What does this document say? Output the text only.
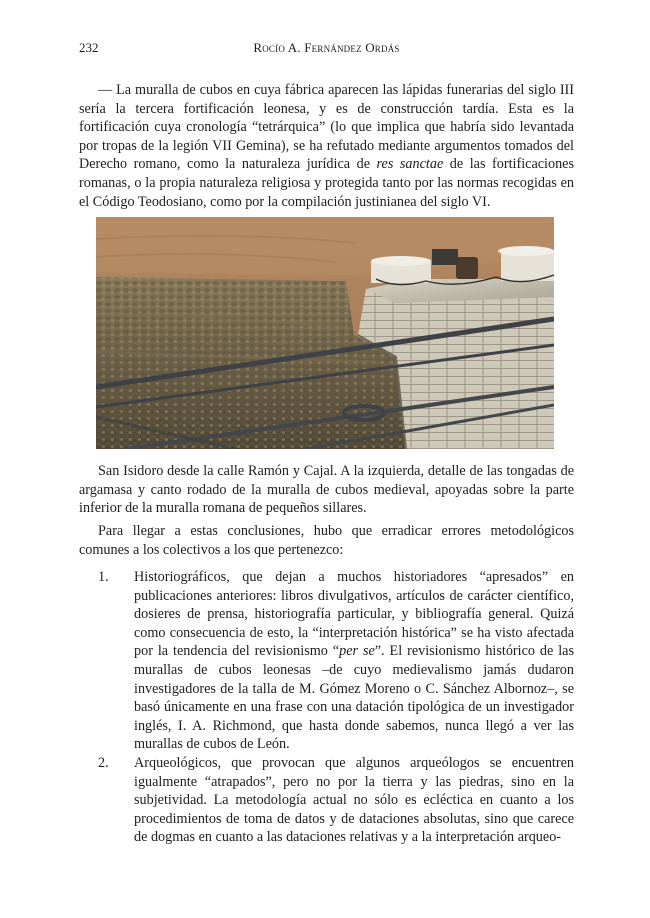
232	Rocío A. Fernández Ordás

— La muralla de cubos en cuya fábrica aparecen las lápidas funerarias del siglo III sería la tercera fortificación leonesa, y es de construcción tardía. Esta es la fortificación cuya cronología “tetrárquica” (lo que implica que habría sido levantada por tropas de la legión VII Gemina), se ha refutado mediante argumentos tomados del Derecho romano, como la naturaleza jurídica de res sanctae de las fortificaciones romanas, o la propia naturaleza religiosa y protegida tanto por las normas recogidas en el Código Teodosiano, como por la compilación justinianea del siglo VI.

San Isidoro desde la calle Ramón y Cajal. A la izquierda, detalle de las tongadas de argamasa y canto rodado de la muralla de cubos medieval, apoyadas sobre la parte inferior de la muralla romana de pequeños sillares.

Para llegar a estas conclusiones, hubo que erradicar errores metodológicos comunes a los colectivos a los que pertenezco:

1. Historiográficos, que dejan a muchos historiadores “apresados” en publicaciones anteriores: libros divulgativos, artículos de carácter científico, dosieres de prensa, historiografía particular, y bibliografía general. Quizá como consecuencia de esto, la “interpretación histórica” se ha visto afectada por la tendencia del revisionismo “per se”. El revisionismo histórico de las murallas de cubos leonesas –de cuyo medievalismo jamás dudaron investigadores de la talla de M. Gómez Moreno o C. Sánchez Albornoz–, se basó únicamente en una frase con una datación tipológica de un investigador inglés, I. A. Richmond, que hasta donde sabemos, nunca llegó a ver las murallas de cubos de León.
2. Arqueológicos, que provocan que algunos arqueólogos se encuentren igualmente “atrapados”, pero no por la tierra y las piedras, sino en la subjetividad. La metodología actual no sólo es ecléctica en cuanto a los procedimientos de toma de datos y de dataciones absolutas, sino que carece de dogmas en cuanto a las dataciones relativas y a la interpretación arqueo-
